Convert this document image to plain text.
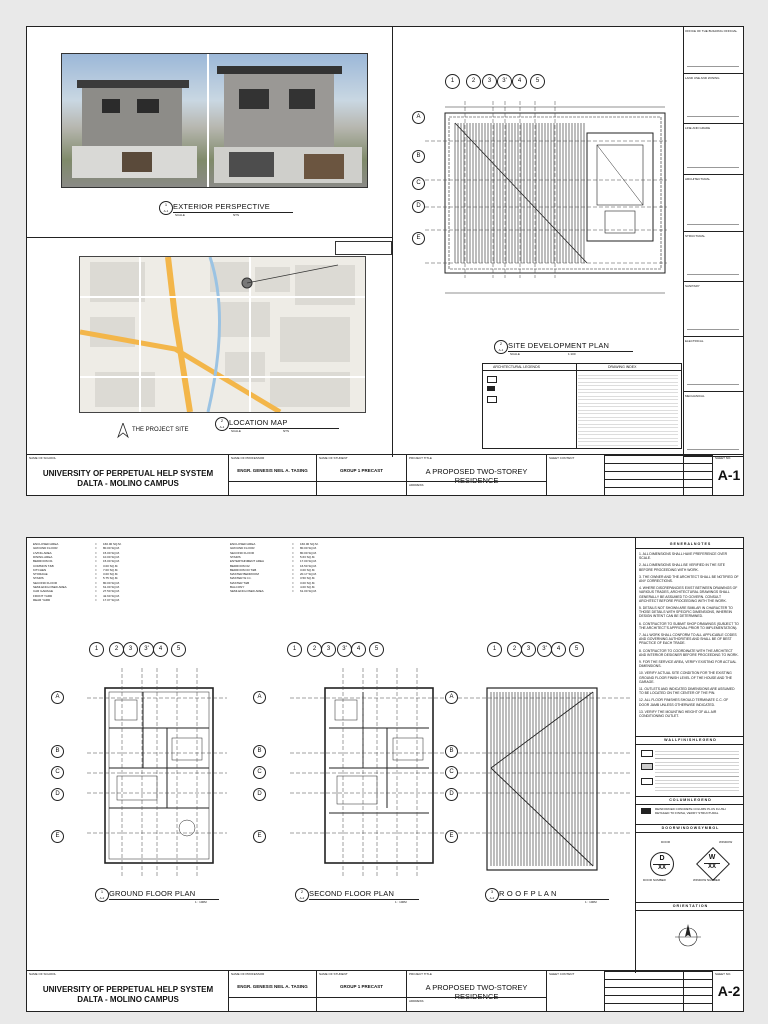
1
A-1 EXTERIOR PERSPECTIVE
SCALE	NTS
THE PROJECT SITE
2
A-1 LOCATION MAP
SCALE	NTS
1	2	3	3'	4	5
A
B
C
D
E
2
A-1 SITE DEVELOPMENT PLAN
SCALE	1:100
ARCHITECTURAL LEGENDS	DRAWING INDEX
OFFICE OF THE BUILDING OFFICIAL
LAND USE AND ZONING
LINE AND GRADE
ARCHITECTURAL
STRUCTURAL
SANITARY
ELECTRICAL
MECHANICAL
NAME OF SCHOOL
UNIVERSITY OF PERPETUAL HELP SYSTEM DALTA - MOLINO CAMPUS
NAME OF PROFESSOR
ENGR. GENESIS NEIL A. TASING
NAME OF STUDENT
GROUP 1 PRECAST
PROJECT TITLE
A PROPOSED TWO-STOREY RESIDENCE
ADDRESS
SHEET CONTENT	SHEET NO.
A-1
ENCLOSED AREA	= 160.00 SQ.M.
GROUND FLOOR	= 80.00 SQ.M.
LIVING AREA	= 15.00 SQ.M.
DINING AREA	= 10.00 SQ.M.
BEDROOM 01	= 15.00 SQ.M.
COMMON T&B	= 3.00 SQ.M.
KITCHEN	= 7.00 SQ.M.
STORAGE	= 3.00 SQ.M.
STAIRS	= 5.75 SQ.M.
SECOND FLOOR	= 80.00 SQ.M.
SEMI-ENCLOSED AREA	= 61.00 SQ.M.
CAR GARAGE	= 27.50 SQ.M.
FRONT YARD	= 42.60 SQ.M.
REAR YARD	= 17.07 SQ.M.
ENCLOSED AREA	= 160.00 SQ.M.
GROUND FLOOR	= 80.00 SQ.M.
SECOND FLOOR	= 80.00 SQ.M.
STAIRS	= 5.63 SQ.M.
ENTERTAINMENT AREA	= 17.00 SQ.M.
BEDROOM 02	= 16.50 SQ.M.
BEDROOM 03 T&B	= 3.00 SQ.M.
MASTER BEDROOM	= 20.17 SQ.M.
MASTER W.I.C.	= 3.50 SQ.M.
MASTER T&B	= 3.00 SQ.M.
BALCONY	= 4.00 SQ.M.
SEMI-ENCLOSED AREA	= 61.00 SQ.M.
1	2	3	3'	4	5	1	2	3	3'	4	5	1	2	3	3'	4	5
A
B
C
D
E
A
B
C
D
E
A
B
C
D
E
1
A-2 GROUND FLOOR PLAN
1 : 100M
2
A-2 SECOND FLOOR PLAN
1 : 100M
3
A-2 R O O F P L A N
1 : 100M
G E N E R A L N O T E S

1. ALL DIMENSIONS SHALL HAVE PREFERENCE OVER SCALE.

2. ALL DIMENSIONS SHALL BE VERIFIED IN THE SITE BEFORE PROCEEDING WITH WORK.

3. THE OWNER AND THE ARCHITECT SHALL BE NOTIFIED OF ANY CORRECTIONS.

4. WHERE DISCREPANCIES EXIST BETWEEN DRAWINGS OF VARIOUS TRADES, ARCHITECTURAL DRAWINGS SHALL GENERALLY BE ASSUMED TO GOVERN. CONSULT ARCHITECT BEFORE PROCEEDING WITH THE WORK.

5. DETAILS NOT SHOWN ARE SIMILAR IN CHARACTER TO THOSE DETAILS WITH SPECIFIC DIMENSIONS, WHEREIN DESIGN INTENT CAN BE DETERMINED.

6. CONTRACTOR TO SUBMIT SHOP DRAWINGS (SUBJECT TO THE ARCHITECT'S APPROVAL PRIOR TO IMPLEMENTATION).

7. ALL WORK SHALL CONFORM TO ALL APPLICABLE CODES AND GOVERNING AUTHORITIES AND SHALL BE OF BEST PRACTICE OF EACH TRADE.

8. CONTRACTOR TO COORDINATE WITH THE ARCHITECT AND INTERIOR DESIGNER BEFORE PROCEEDING TO WORK.

9. FOR THE SERVICE AREA, VERIFY EXISTING FOR ACTUAL DIMENSIONS.

10. VERIFY ACTUAL SITE CONDITION FOR THE EXISTING GROUND FLOOR FINISH LEVEL OF THE HOUSE AND THE GARAGE.

11. OUTLETS AND INDICATED DIMENSIONS ARE ASSUMED TO BE LOCATED ON THE CENTER OF THE PIN.

12. ALL FLOOR FINISHES SHOULD TERMINATE C.C. OF DOOR JAMB UNLESS OTHERWISE INDICATED.

13. VERIFY THE MOUNTING HEIGHT OF ALL AIR CONDITIONING OUTLET.

W A L L F I N I S H L E G E N D
C O L U M N L E G E N D
REINFORCED CONCRETE COLUMN PLUS FLUSH DETAILED TO FINISH, VERIFY STRUCTURAL
D O O R W I N D O W S Y M B O L
DOOR
D
XX
DOOR NUMBER
WINDOW
W
XX
WINDOW NUMBER
O R I E N T A T I O N
NAME OF SCHOOL
UNIVERSITY OF PERPETUAL HELP SYSTEM DALTA - MOLINO CAMPUS
NAME OF PROFESSOR
ENGR. GENESIS NEIL A. TASING
NAME OF STUDENT
GROUP 1 PRECAST
PROJECT TITLE
A PROPOSED TWO-STOREY RESIDENCE
ADDRESS
SHEET CONTENT	SHEET NO.
A-2
